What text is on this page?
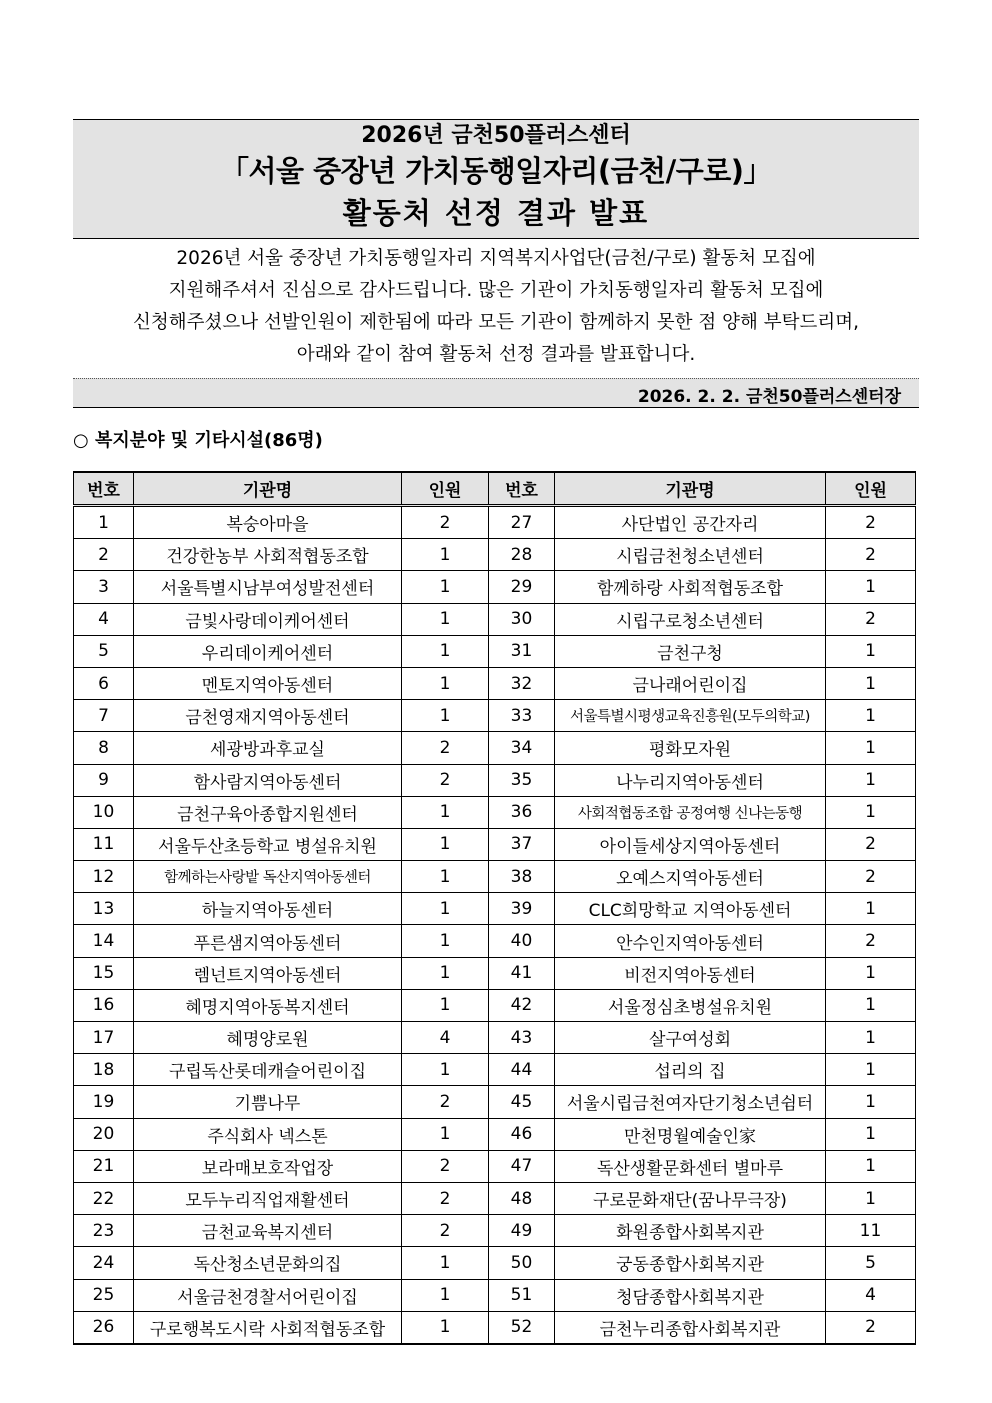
2026년 금천50플러스센터
「서울 중장년 가치동행일자리(금천/구로)」
활동처 선정 결과 발표
2026년 서울 중장년 가치동행일자리 지역복지사업단(금천/구로) 활동처 모집에
지원해주셔서 진심으로 감사드립니다. 많은 기관이 가치동행일자리 활동처 모집에
신청해주셨으나 선발인원이 제한됨에 따라 모든 기관이 함께하지 못한 점 양해 부탁드리며,
아래와 같이 참여 활동처 선정 결과를 발표합니다.
2026. 2. 2. 금천50플러스센터장
○ 복지분야 및 기타시설(86명)
번호	기관명	인원	번호	기관명	인원
1	복숭아마을	2	27	사단법인 공간자리	2
2	건강한농부 사회적협동조합	1	28	시립금천청소년센터	2
3	서울특별시남부여성발전센터	1	29	함께하랑 사회적협동조합	1
4	금빛사랑데이케어센터	1	30	시립구로청소년센터	2
5	우리데이케어센터	1	31	금천구청	1
6	멘토지역아동센터	1	32	금나래어린이집	1
7	금천영재지역아동센터	1	33	서울특별시평생교육진흥원(모두의학교)	1
8	세광방과후교실	2	34	평화모자원	1
9	함사람지역아동센터	2	35	나누리지역아동센터	1
10	금천구육아종합지원센터	1	36	사회적협동조합 공정여행 신나는동행	1
11	서울두산초등학교 병설유치원	1	37	아이들세상지역아동센터	2
12	함께하는사랑밭 독산지역아동센터	1	38	오예스지역아동센터	2
13	하늘지역아동센터	1	39	CLC희망학교 지역아동센터	1
14	푸른샘지역아동센터	1	40	안수인지역아동센터	2
15	렘넌트지역아동센터	1	41	비전지역아동센터	1
16	혜명지역아동복지센터	1	42	서울정심초병설유치원	1
17	혜명양로원	4	43	살구여성회	1
18	구립독산롯데캐슬어린이집	1	44	섭리의 집	1
19	기쁨나무	2	45	서울시립금천여자단기청소년쉼터	1
20	주식회사 넥스톤	1	46	만천명월예술인家	1
21	보라매보호작업장	2	47	독산생활문화센터 별마루	1
22	모두누리직업재활센터	2	48	구로문화재단(꿈나무극장)	1
23	금천교육복지센터	2	49	화원종합사회복지관	11
24	독산청소년문화의집	1	50	궁동종합사회복지관	5
25	서울금천경찰서어린이집	1	51	청담종합사회복지관	4
26	구로행복도시락 사회적협동조합	1	52	금천누리종합사회복지관	2
